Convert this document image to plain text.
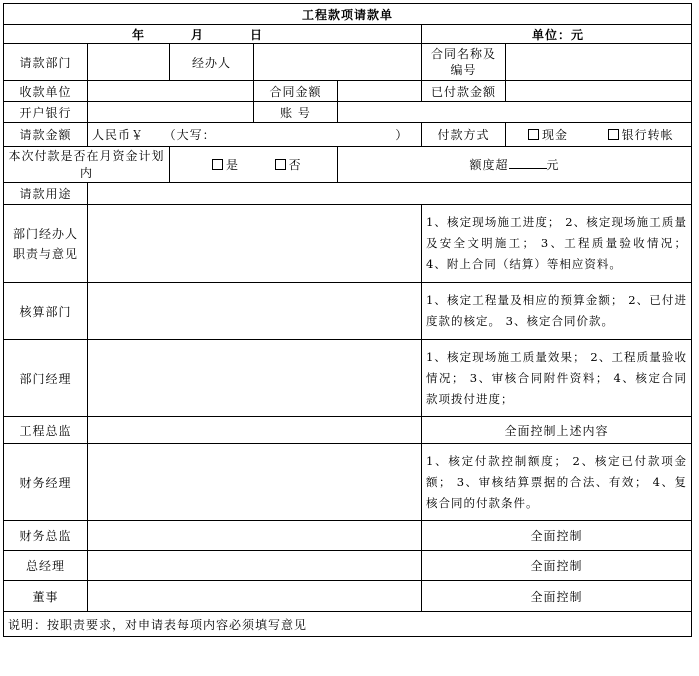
工程款项请款单						
年 月 日					单位：元	
请款部门		经办人			合同名称及编号	
收款单位			合同金额		已付款金额	
开户银行			账 号			
请款金额	人民币￥ （大写： ）				付款方式	现金 银行转帐
本次付款是否在月资金计划内		是 否		额度超 元		
请款用途						
部门经办人职责与意见					1、核定现场施工进度； 2、核定现场施工质量及安全文明施工； 3、工程质量验收情况； 4、附上合同（结算）等相应资料。	
核算部门					1、核定工程量及相应的预算金额； 2、已付进度款的核定。 3、核定合同价款。	
部门经理					1、核定现场施工质量效果； 2、工程质量验收情况； 3、审核合同附件资料； 4、核定合同款项拨付进度；	
工程总监					全面控制上述内容	
财务经理					1、核定付款控制额度； 2、核定已付款项金额； 3、审核结算票据的合法、有效； 4、复核合同的付款条件。	
财务总监					全面控制	
总经理					全面控制	
董事					全面控制	
说明：按职责要求，对申请表每项内容必须填写意见						
